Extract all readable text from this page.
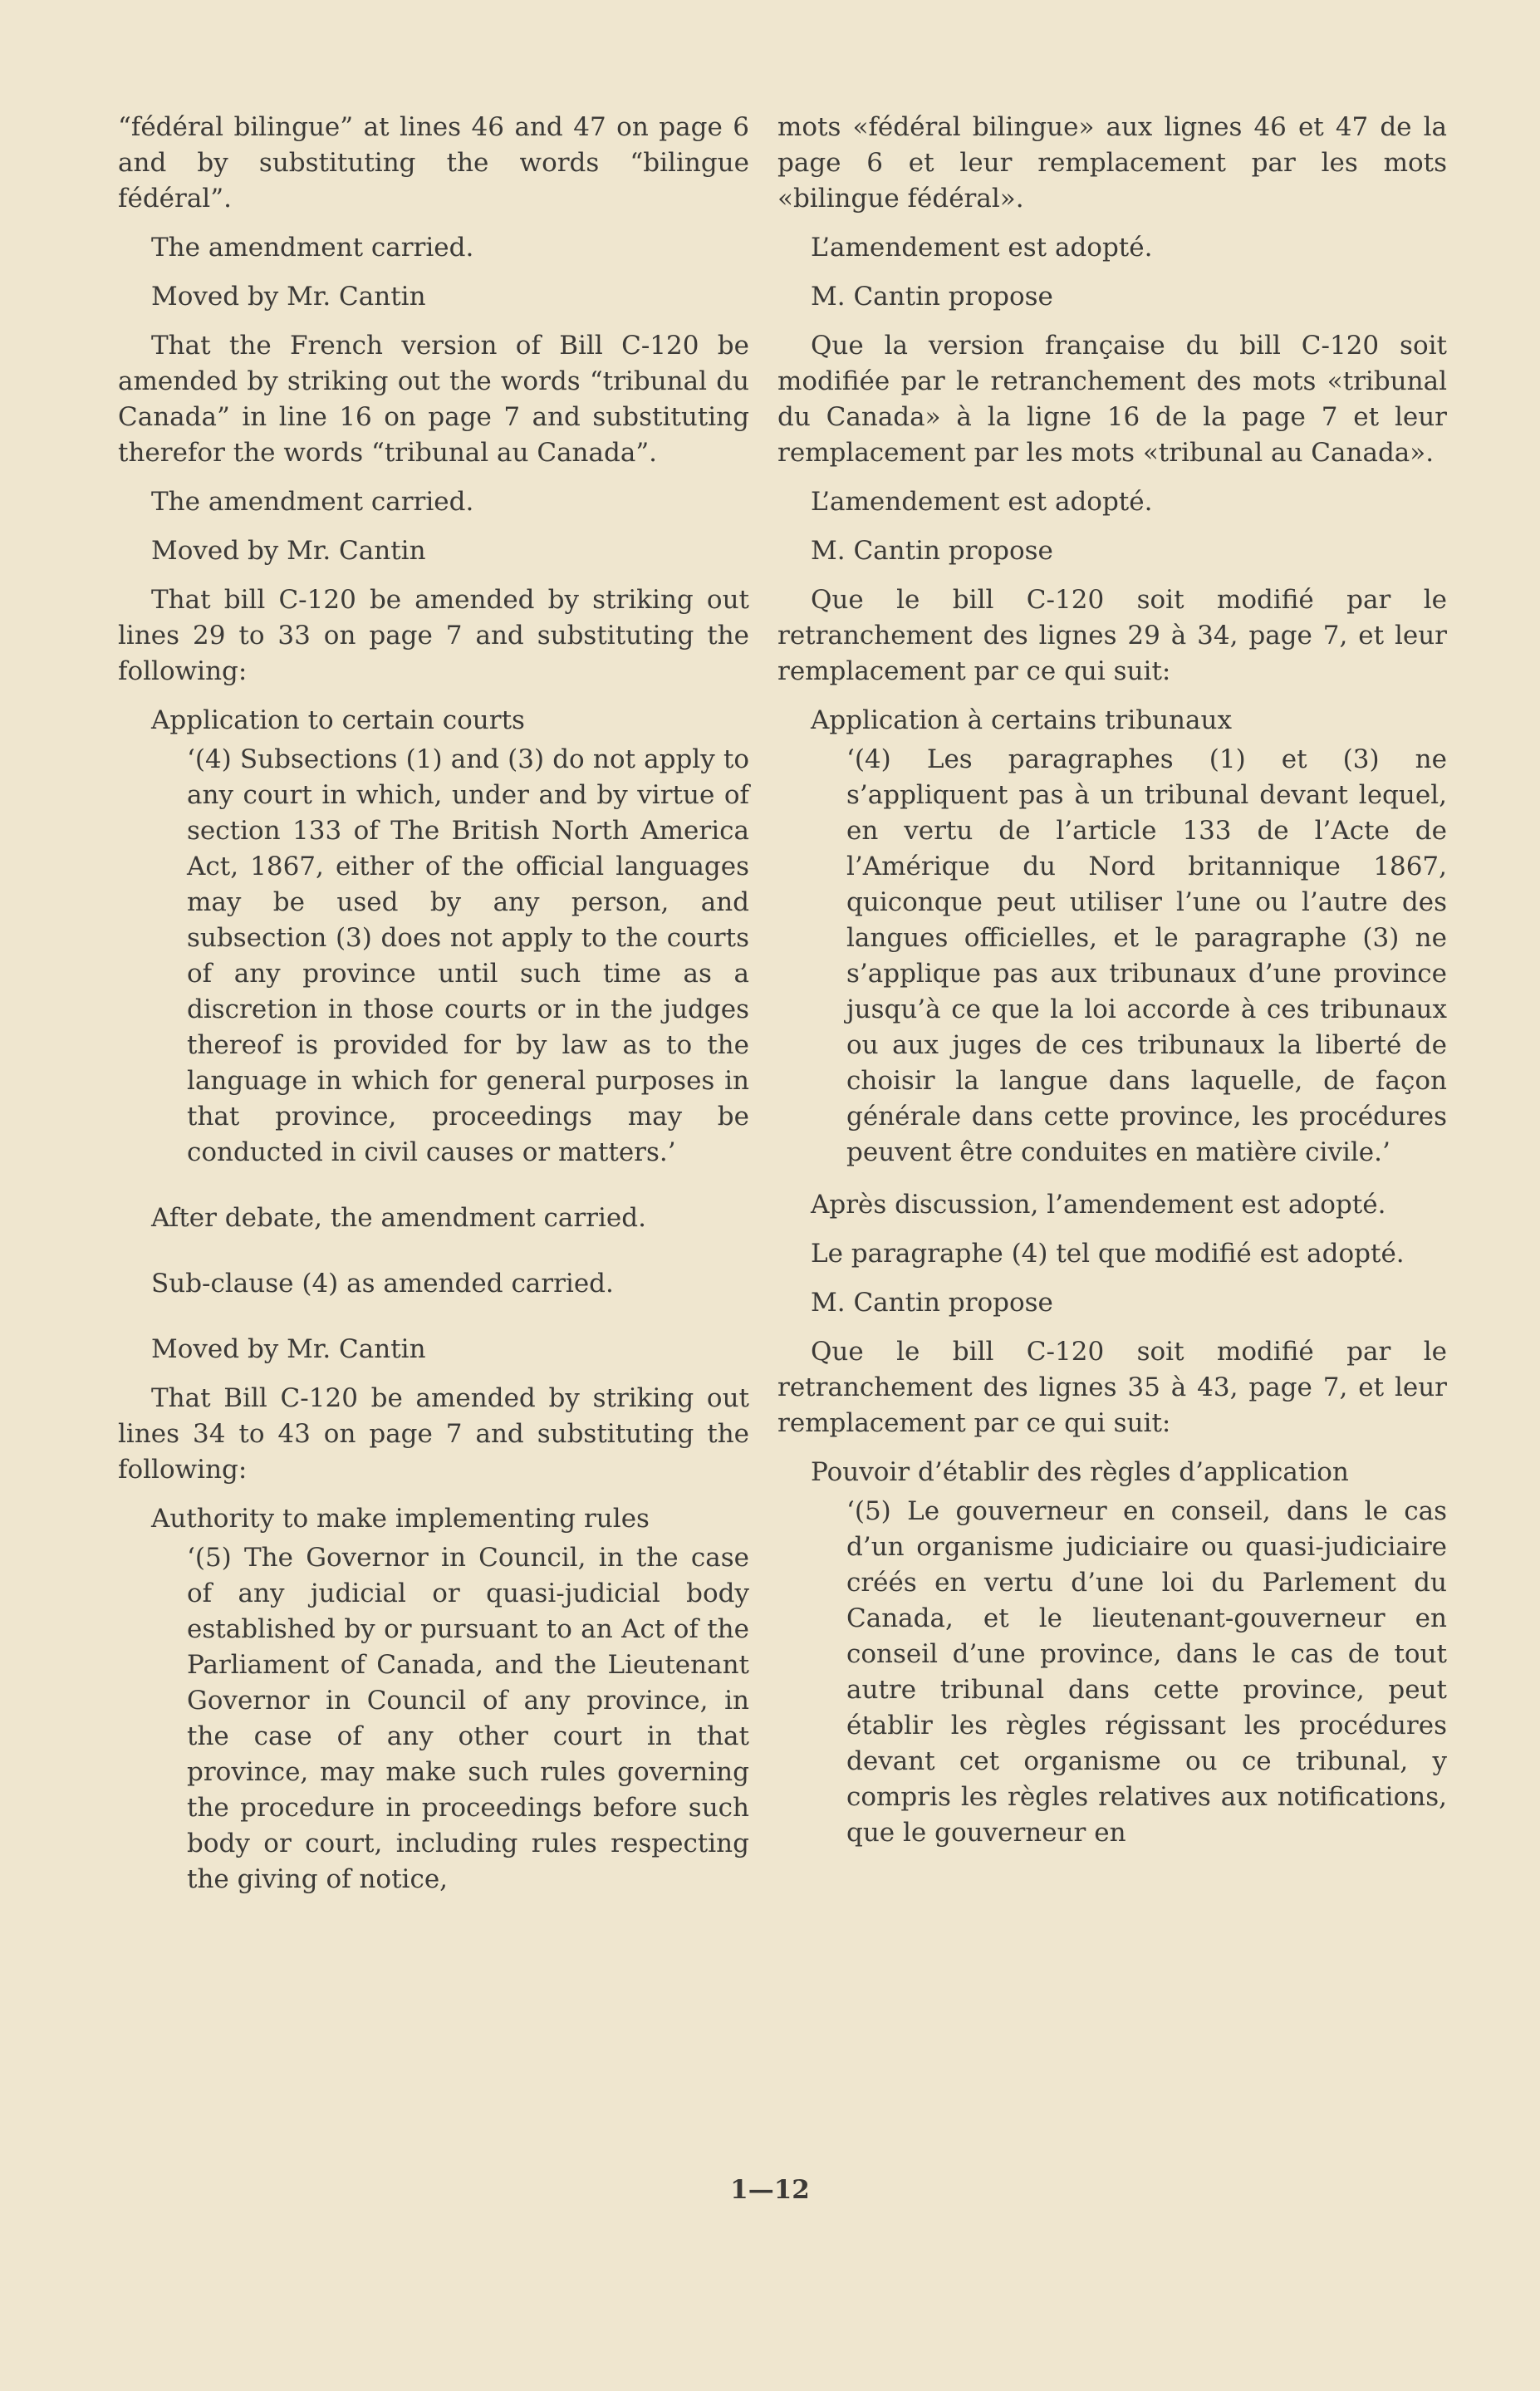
“fédéral bilingue” at lines 46 and 47 on page 6 and by substituting the words “bilingue fédéral”.

The amendment carried.

Moved by Mr. Cantin

That the French version of Bill C-120 be amended by striking out the words “tribunal du Canada” in line 16 on page 7 and substituting therefor the words “tribunal au Canada”.

The amendment carried.

Moved by Mr. Cantin

That bill C-120 be amended by striking out lines 29 to 33 on page 7 and substituting the following:

Application to certain courts

‘(4) Subsections (1) and (3) do not apply to any court in which, under and by virtue of section 133 of The British North America Act, 1867, either of the official languages may be used by any person, and subsection (3) does not apply to the courts of any province until such time as a discretion in those courts or in the judges thereof is provided for by law as to the language in which for general purposes in that province, proceedings may be conducted in civil causes or matters.’

After debate, the amendment carried.

Sub-clause (4) as amended carried.

Moved by Mr. Cantin

That Bill C-120 be amended by striking out lines 34 to 43 on page 7 and substituting the following:

Authority to make implementing rules

‘(5) The Governor in Council, in the case of any judicial or quasi-judicial body established by or pursuant to an Act of the Parliament of Canada, and the Lieutenant Governor in Council of any province, in the case of any other court in that province, may make such rules governing the procedure in proceedings before such body or court, including rules respecting the giving of notice,

mots «fédéral bilingue» aux lignes 46 et 47 de la page 6 et leur remplacement par les mots «bilingue fédéral».

L’amendement est adopté.

M. Cantin propose

Que la version française du bill C-120 soit modifiée par le retranchement des mots «tribunal du Canada» à la ligne 16 de la page 7 et leur remplacement par les mots «tribunal au Canada».

L’amendement est adopté.

M. Cantin propose

Que le bill C-120 soit modifié par le retranchement des lignes 29 à 34, page 7, et leur remplacement par ce qui suit:

Application à certains tribunaux

‘(4) Les paragraphes (1) et (3) ne s’appliquent pas à un tribunal devant lequel, en vertu de l’article 133 de l’Acte de l’Amérique du Nord britannique 1867, quiconque peut utiliser l’une ou l’autre des langues officielles, et le paragraphe (3) ne s’applique pas aux tribunaux d’une province jusqu’à ce que la loi accorde à ces tribunaux ou aux juges de ces tribunaux la liberté de choisir la langue dans laquelle, de façon générale dans cette province, les procédures peuvent être conduites en matière civile.’

Après discussion, l’amendement est adopté.

Le paragraphe (4) tel que modifié est adopté.

M. Cantin propose

Que le bill C-120 soit modifié par le retranchement des lignes 35 à 43, page 7, et leur remplacement par ce qui suit:

Pouvoir d’établir des règles d’application

‘(5) Le gouverneur en conseil, dans le cas d’un organisme judiciaire ou quasi-judiciaire créés en vertu d’une loi du Parlement du Canada, et le lieutenant-gouverneur en conseil d’une province, dans le cas de tout autre tribunal dans cette province, peut établir les règles régissant les procédures devant cet organisme ou ce tribunal, y compris les règles relatives aux notifications, que le gouverneur en

1—12
